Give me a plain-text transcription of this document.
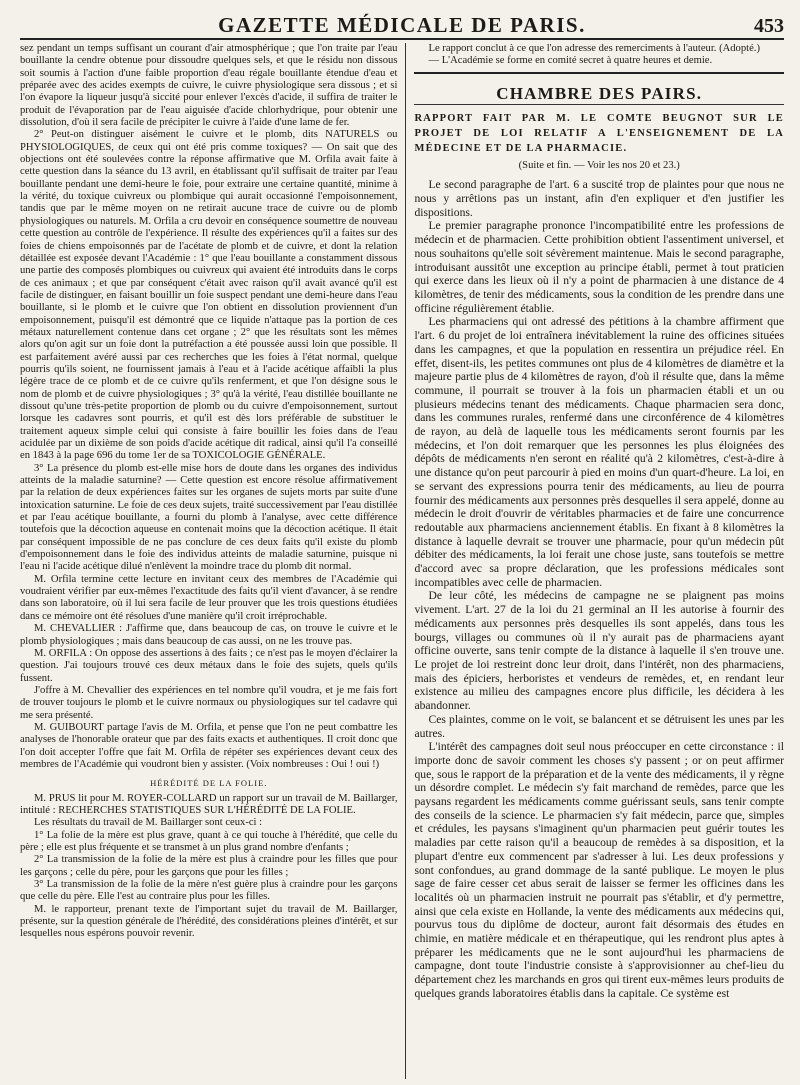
GAZETTE MÉDICALE DE PARIS.	453

sez pendant un temps suffisant un courant d'air atmosphérique ; que l'on traite par l'eau bouillante la cendre obtenue pour dissoudre quelques sels, et que le résidu non dissous soit soumis à l'action d'une faible proportion d'eau régale bouillante étendue d'eau et préparée avec des acides exempts de cuivre, le cuivre physiologique sera dissous ; et si l'on évapore la liqueur jusqu'à siccité pour enlever l'excès d'acide, il suffira de traiter le produit de l'évaporation par de l'eau aiguisée d'acide chlorhydrique, pour obtenir une dissolution, d'où il sera facile de précipiter le cuivre à l'aide d'une lame de fer.

2° Peut-on distinguer aisément le cuivre et le plomb, dits NATURELS ou PHYSIOLOGIQUES, de ceux qui ont été pris comme toxiques? — On sait que des objections ont été soulevées contre la réponse affirmative que M. Orfila avait faite à cette question dans la séance du 13 avril, en établissant qu'il suffisait de traiter par l'eau bouillante pendant une demi-heure le foie, pour extraire une certaine quantité, minime à la vérité, du toxique cuivreux ou plombique qui aurait occasionné l'empoisonnement, tandis que par le même moyen on ne retirait aucune trace de cuivre ou de plomb physiologiques ou naturels. M. Orfila a cru devoir en conséquence soumettre de nouveau cette question au contrôle de l'expérience. Il résulte des expériences qu'il a faites sur des foies de chiens empoisonnés par de l'acétate de plomb et de cuivre, et dont la relation détaillée est exposée devant l'Académie : 1° que l'eau bouillante a constamment dissous une partie des composés plombiques ou cuivreux qui avaient été introduits dans le corps de ces animaux ; et que par conséquent c'était avec raison qu'il avait avancé qu'il est facile de distinguer, en faisant bouillir un foie suspect pendant une demi-heure dans l'eau bouillante, si le plomb et le cuivre que l'on obtient en dissolution proviennent d'un empoisonnement, puisqu'il est démontré que ce liquide n'attaque pas la portion de ces métaux naturellement contenue dans cet organe ; 2° que les résultats sont les mêmes alors qu'on agit sur un foie dont la putréfaction a été poussée aussi loin que possible. Il est parfaitement avéré aussi par ces recherches que les foies à l'état normal, quelque pourris qu'ils soient, ne fournissent jamais à l'eau et à l'acide acétique affaibli la plus légère trace de ce plomb et de ce cuivre qu'ils renferment, et que l'on désigne sous le nom de plomb et de cuivre physiologiques ; 3° qu'à la vérité, l'eau distillée bouillante ne dissout qu'une très-petite proportion de plomb ou du cuivre d'empoisonnement, surtout lorsque les cadavres sont pourris, et qu'il est dès lors préférable de substituer le traitement aqueux simple celui qui consiste à faire bouillir les foies dans de l'eau acidulée par un dixième de son poids d'acide acétique dit radical, ainsi qu'il l'a conseillé en 1843 à la page 696 du tome 1er de sa TOXICOLOGIE GÉNÉRALE.

3° La présence du plomb est-elle mise hors de doute dans les organes des individus atteints de la maladie saturnine? — Cette question est encore résolue affirmativement par la relation de deux expériences faites sur les organes de sujets morts par suite d'une intoxication saturnine. Le foie de ces deux sujets, traité successivement par l'eau distillée et par l'eau acétique bouillante, a fourni du plomb à l'analyse, avec cette différence toutefois que la décoction aqueuse en contenait moins que la décoction acétique. Il était par conséquent impossible de ne pas conclure de ces deux faits qu'il existe du plomb d'empoisonnement dans le foie des individus atteints de maladie saturnine, puisque ni l'eau ni l'acide acétique dilué n'enlèvent la moindre trace du plomb dit normal.

M. Orfila termine cette lecture en invitant ceux des membres de l'Académie qui voudraient vérifier par eux-mêmes l'exactitude des faits qu'il vient d'avancer, à se rendre dans son laboratoire, où il lui sera facile de leur prouver que les trois questions étudiées dans ce mémoire ont été résolues d'une manière qu'il croit irréprochable.

M. CHEVALLIER : J'affirme que, dans beaucoup de cas, on trouve le cuivre et le plomb physiologiques ; mais dans beaucoup de cas aussi, on ne les trouve pas.

M. ORFILA : On oppose des assertions à des faits ; ce n'est pas le moyen d'éclairer la question. J'ai toujours trouvé ces deux métaux dans le foie des sujets, quels qu'ils fussent.

J'offre à M. Chevallier des expériences en tel nombre qu'il voudra, et je me fais fort de trouver toujours le plomb et le cuivre normaux ou physiologiques sur tel cadavre qui me sera présenté.

M. GUIBOURT partage l'avis de M. Orfila, et pense que l'on ne peut combattre les analyses de l'honorable orateur que par des faits exacts et authentiques. Il croit donc que l'on doit accepter l'offre que fait M. Orfila de répéter ses expériences devant ceux des membres de l'Académie qui voudront bien y assister. (Voix nombreuses : Oui ! oui !)

HÉRÉDITÉ DE LA FOLIE.

M. PRUS lit pour M. ROYER-COLLARD un rapport sur un travail de M. Baillarger, intitulé : RECHERCHES STATISTIQUES SUR L'HÉRÉDITÉ DE LA FOLIE.

Les résultats du travail de M. Baillarger sont ceux-ci :

1° La folie de la mère est plus grave, quant à ce qui touche à l'hérédité, que celle du père ; elle est plus fréquente et se transmet à un plus grand nombre d'enfants ;

2° La transmission de la folie de la mère est plus à craindre pour les filles que pour les garçons ; celle du père, pour les garçons que pour les filles ;

3° La transmission de la folie de la mère n'est guère plus à craindre pour les garçons que celle du père. Elle l'est au contraire plus pour les filles.

M. le rapporteur, prenant texte de l'important sujet du travail de M. Baillarger, présente, sur la question générale de l'hérédité, des considérations pleines d'intérêt, et sur lesquelles nous espérons pouvoir revenir.

Le rapport conclut à ce que l'on adresse des remerciments à l'auteur. (Adopté.)

— L'Académie se forme en comité secret à quatre heures et demie.

CHAMBRE DES PAIRS.
RAPPORT FAIT PAR M. LE COMTE BEUGNOT SUR LE PROJET DE LOI RELATIF A L'ENSEIGNEMENT DE LA MÉDECINE ET DE LA PHARMACIE.

(Suite et fin. — Voir les nos 20 et 23.)

Le second paragraphe de l'art. 6 a suscité trop de plaintes pour que nous ne nous y arrêtions pas un instant, afin d'en expliquer et d'en justifier les dispositions.

Le premier paragraphe prononce l'incompatibilité entre les professions de médecin et de pharmacien. Cette prohibition obtient l'assentiment universel, et nous souhaitons qu'elle soit sévèrement maintenue. Mais le second paragraphe, introduisant aussitôt une exception au principe établi, permet à tout praticien qui exerce dans les lieux où il n'y a point de pharmacien à une distance de 4 kilomètres, de tenir des médicaments, sous la condition de les prendre dans une officine régulièrement établie.

Les pharmaciens qui ont adressé des pétitions à la chambre affirment que l'art. 6 du projet de loi entraînera inévitablement la ruine des officines situées dans les campagnes, et que la population en ressentira un préjudice réel. En effet, disent-ils, les petites communes ont plus de 4 kilomètres de diamètre et la majeure partie plus de 4 kilomètres de rayon, d'où il résulte que, dans la même commune, il pourrait se trouver à la fois un pharmacien établi et un ou plusieurs médecins tenant des médicaments. Chaque pharmacien sera donc, dans les communes rurales, renfermé dans une circonférence de 4 kilomètres de rayon, au delà de laquelle tous les médicaments seront fournis par les médecins, et l'on doit remarquer que les personnes les plus éloignées des dépôts de médicaments n'en seront en réalité qu'à 2 kilomètres, c'est-à-dire à une distance qu'on peut parcourir à pied en moins d'un quart-d'heure. La loi, en se servant des expressions pourra tenir des médicaments, au lieu de pourra fournir des médicaments aux personnes près desquelles il sera appelé, donne au médecin le droit d'ouvrir de véritables pharmacies et de faire une concurrence redoutable aux pharmaciens anciennement établis. En fixant à 8 kilomètres la distance à laquelle devrait se trouver une pharmacie, pour qu'un médecin pût débiter des médicaments, la loi ferait une chose juste, sans toutefois se mettre d'accord avec sa propre déclaration, que les professions médicales sont incompatibles avec celle de pharmacien.

De leur côté, les médecins de campagne ne se plaignent pas moins vivement. L'art. 27 de la loi du 21 germinal an II les autorise à fournir des médicaments aux personnes près desquelles ils sont appelés, dans tous les bourgs, villages ou communes où il n'y aurait pas de pharmaciens ayant officine ouverte, sans tenir compte de la distance à laquelle il s'en trouve une. Le projet de loi restreint donc leur droit, dans l'intérêt, non des pharmaciens, mais des épiciers, herboristes et vendeurs de remèdes, et, en rendant leur existence au milieu des campagnes encore plus difficile, les décidera à les abandonner.

Ces plaintes, comme on le voit, se balancent et se détruisent les unes par les autres.

L'intérêt des campagnes doit seul nous préoccuper en cette circonstance : il importe donc de savoir comment les choses s'y passent ; or on peut affirmer que, sous le rapport de la préparation et de la vente des médicaments, il y règne un désordre complet. Le médecin s'y fait marchand de remèdes, parce que les paysans regardent les médicaments comme guérissant seuls, sans tenir compte des conseils de la science. Le pharmacien s'y fait médecin, parce que, simples et crédules, les paysans s'imaginent qu'un pharmacien peut guérir toutes les maladies par cette raison qu'il a beaucoup de remèdes à sa disposition, et la plupart d'entre eux commencent par s'adresser à lui. Les deux professions y sont confondues, au grand dommage de la santé publique. Le moyen le plus sage de faire cesser cet abus serait de laisser se fermer les officines dans les localités où un pharmacien instruit ne pourrait pas s'établir, et d'y permettre, ainsi que cela existe en Hollande, la vente des médicaments aux médecins qui, pourvus tous du diplôme de docteur, auront fait désormais des études en chimie, en matière médicale et en thérapeutique, qui les rendront plus aptes à préparer les médicaments que ne le sont aujourd'hui les pharmaciens de campagne, dont toute l'industrie consiste à s'approvisionner au chef-lieu du département chez les marchands en gros qui tirent eux-mêmes leurs produits de quelques grands laboratoires établis dans la capitale. Ce système est
